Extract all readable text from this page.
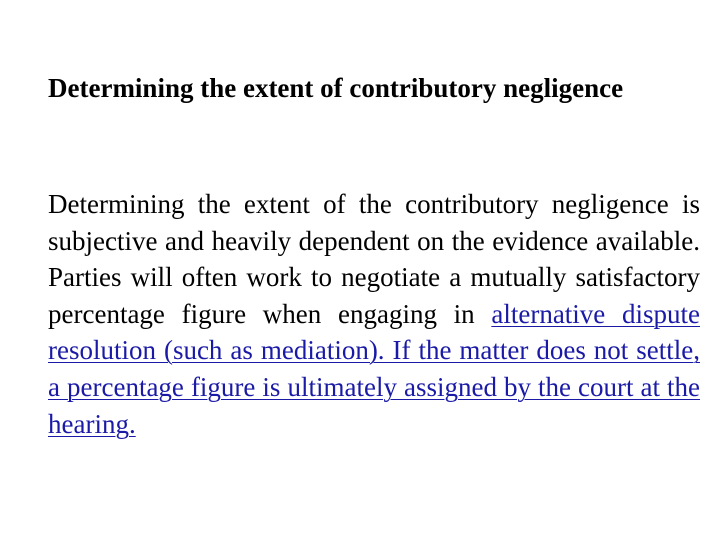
Determining the extent of contributory negligence

Determining the extent of the contributory negligence is subjective and heavily dependent on the evidence available. Parties will often work to negotiate a mutually satisfactory percentage figure when engaging in alternative dispute resolution (such as mediation). If the matter does not settle, a percentage figure is ultimately assigned by the court at the hearing.
